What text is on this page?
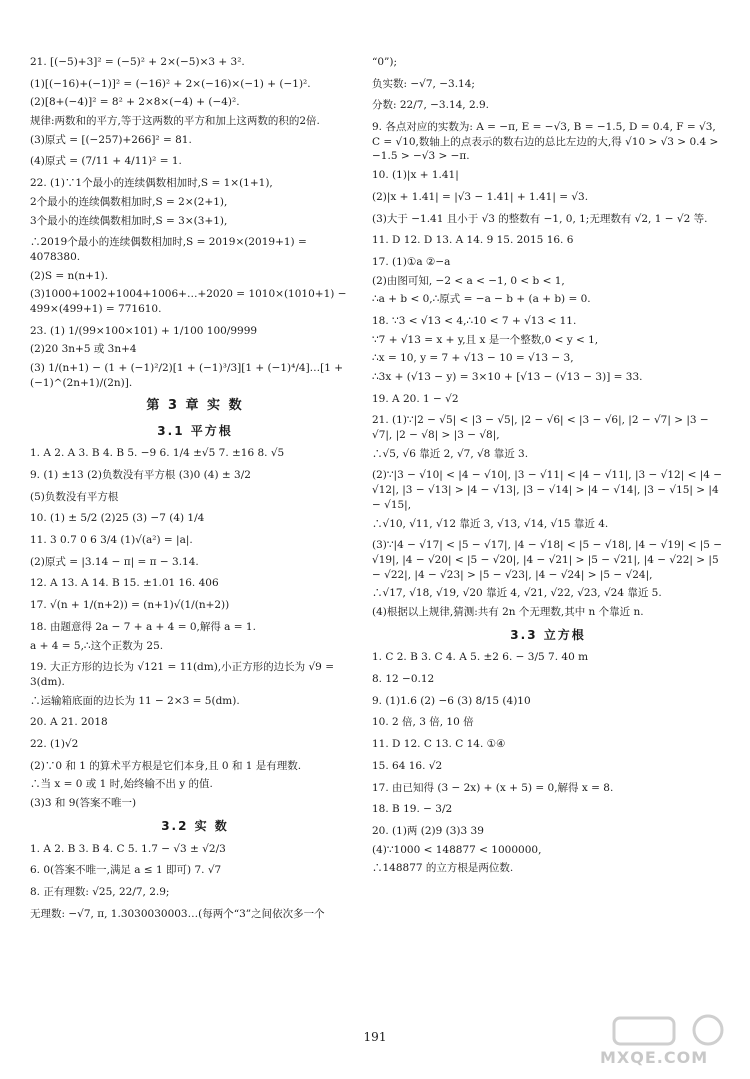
21. [(−5)+3]² = (−5)² + 2×(−5)×3 + 3².
(1)[(−16)+(−1)]² = (−16)² + 2×(−16)×(−1) + (−1)².
(2)[8+(−4)]² = 8² + 2×8×(−4) + (−4)².
规律:两数和的平方,等于这两数的平方和加上这两数的积的2倍.
(3)原式 = [(−257)+266]² = 81.
(4)原式 = (7/11 + 4/11)² = 1.
22. (1)∵1个最小的连续偶数相加时,S = 1×(1+1),
2个最小的连续偶数相加时,S = 2×(2+1),
3个最小的连续偶数相加时,S = 3×(3+1),
∴2019个最小的连续偶数相加时,S = 2019×(2019+1) = 4078380.
(2)S = n(n+1).
(3)1000+1002+1004+1006+…+2020 = 1010×(1010+1) − 499×(499+1) = 771610.
23. (1) 1/(99×100×101) + 1/100 100/9999
(2)20 3n+5 或 3n+4
(3) 1/(n+1) − (1 + (−1)²/2)[1 + (−1)³/3][1 + (−1)⁴/4]…[1 + (−1)^(2n+1)/(2n)].
第 3 章 实 数
3.1 平方根
1. A 2. A 3. B 4. B 5. −9 6. 1/4 ±√5 7. ±16 8. √5
9. (1) ±13 (2)负数没有平方根 (3)0 (4) ± 3/2
(5)负数没有平方根
10. (1) ± 5/2 (2)25 (3) −7 (4) 1/4
11. 3 0.7 0 6 3/4 (1)√(a²) = |a|.
(2)原式 = |3.14 − π| = π − 3.14.
12. A 13. A 14. B 15. ±1.01 16. 406
17. √(n + 1/(n+2)) = (n+1)√(1/(n+2))
18. 由题意得 2a − 7 + a + 4 = 0,解得 a = 1.
a + 4 = 5,∴这个正数为 25.
19. 大正方形的边长为 √121 = 11(dm),小正方形的边长为 √9 = 3(dm).
∴运输箱底面的边长为 11 − 2×3 = 5(dm).
20. A 21. 2018
22. (1)√2
(2)∵0 和 1 的算术平方根是它们本身,且 0 和 1 是有理数.
∴当 x = 0 或 1 时,始终输不出 y 的值.
(3)3 和 9(答案不唯一)
3.2 实 数
1. A 2. B 3. B 4. C 5. 1.7 − √3 ± √2/3
6. 0(答案不唯一,满足 a ≤ 1 即可) 7. √7
8. 正有理数: √25, 22/7, 2.9;
无理数: −√7, π, 1.3030030003…(每两个“3”之间依次多一个
“0”);
负实数: −√7, −3.14;
分数: 22/7, −3.14, 2.9.
9. 各点对应的实数为: A = −π, E = −√3, B = −1.5, D = 0.4, F = √3, C = √10,数轴上的点表示的数右边的总比左边的大,得 √10 > √3 > 0.4 > −1.5 > −√3 > −π.
10. (1)|x + 1.41|
(2)|x + 1.41| = |√3 − 1.41| + 1.41| = √3.
(3)大于 −1.41 且小于 √3 的整数有 −1, 0, 1;无理数有 √2, 1 − √2 等.
11. D 12. D 13. A 14. 9 15. 2015 16. 6
17. (1)①a ②−a
(2)由图可知, −2 < a < −1, 0 < b < 1,
∴a + b < 0,∴原式 = −a − b + (a + b) = 0.
18. ∵3 < √13 < 4,∴10 < 7 + √13 < 11.
∵7 + √13 = x + y,且 x 是一个整数,0 < y < 1,
∴x = 10, y = 7 + √13 − 10 = √13 − 3,
∴3x + (√13 − y) = 3×10 + [√13 − (√13 − 3)] = 33.
19. A 20. 1 − √2
21. (1)∵|2 − √5| < |3 − √5|, |2 − √6| < |3 − √6|, |2 − √7| > |3 − √7|, |2 − √8| > |3 − √8|,
∴√5, √6 靠近 2, √7, √8 靠近 3.
(2)∵|3 − √10| < |4 − √10|, |3 − √11| < |4 − √11|, |3 − √12| < |4 − √12|, |3 − √13| > |4 − √13|, |3 − √14| > |4 − √14|, |3 − √15| > |4 − √15|,
∴√10, √11, √12 靠近 3, √13, √14, √15 靠近 4.
(3)∵|4 − √17| < |5 − √17|, |4 − √18| < |5 − √18|, |4 − √19| < |5 − √19|, |4 − √20| < |5 − √20|, |4 − √21| > |5 − √21|, |4 − √22| > |5 − √22|, |4 − √23| > |5 − √23|, |4 − √24| > |5 − √24|,
∴√17, √18, √19, √20 靠近 4, √21, √22, √23, √24 靠近 5.
(4)根据以上规律,猜测:共有 2n 个无理数,其中 n 个靠近 n.
3.3 立方根
1. C 2. B 3. C 4. A 5. ±2 6. − 3/5 7. 40 m
8. 12 −0.12
9. (1)1.6 (2) −6 (3) 8/15 (4)10
10. 2 倍, 3 倍, 10 倍
11. D 12. C 13. C 14. ①④
15. 64 16. √2
17. 由已知得 (3 − 2x) + (x + 5) = 0,解得 x = 8.
18. B 19. − 3/2
20. (1)两 (2)9 (3)3 39
(4)∵1000 < 148877 < 1000000,
∴148877 的立方根是两位数.
191
MXQE.COM
